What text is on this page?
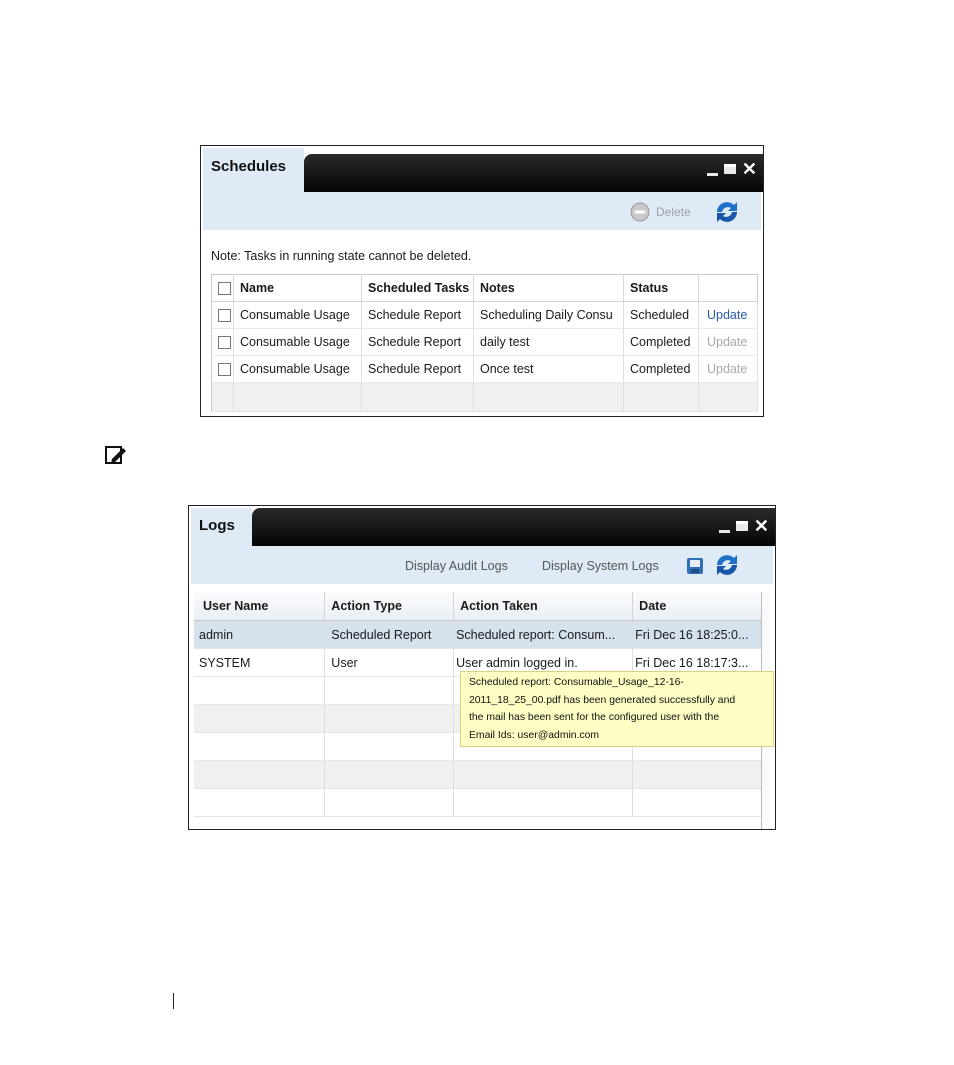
Schedules	✕
Delete
Note: Tasks in running state cannot be deleted.
	Name	Scheduled Tasks	Notes	Status	
	Consumable Usage	Schedule Report	Scheduling Daily Consu	Scheduled	Update
	Consumable Usage	Schedule Report	daily test	Completed	Update
	Consumable Usage	Schedule Report	Once test	Completed	Update

Logs	✕
Display Audit Logs	Display System Logs
User Name	Action Type	Action Taken	Date
admin	Scheduled Report	Scheduled report: Consum...	Fri Dec 16 18:25:0...
SYSTEM	User	User admin logged in.	Fri Dec 16 18:17:3...

Scheduled report: Consumable_Usage_12-16-
2011_18_25_00.pdf has been generated successfully and
the mail has been sent for the configured user with the
Email Ids: user@admin.com
